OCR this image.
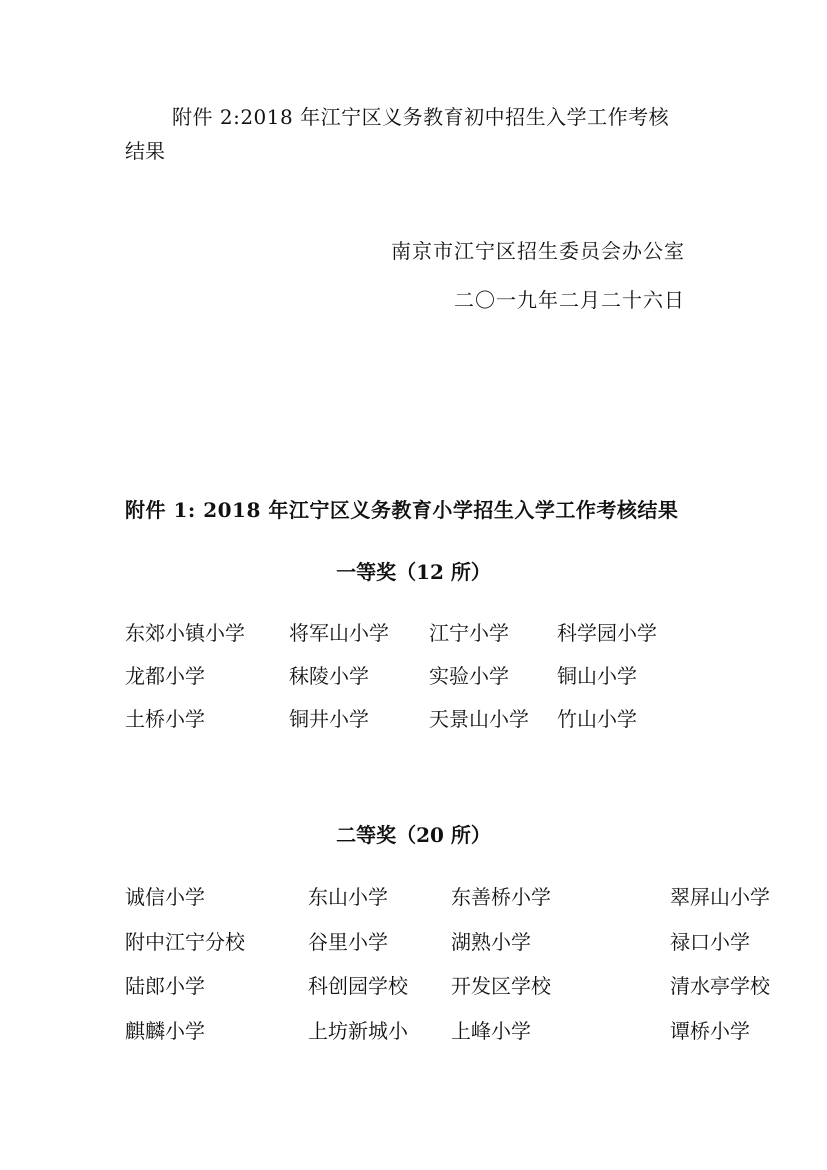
附件 2:2018 年江宁区义务教育初中招生入学工作考核
结果
南京市江宁区招生委员会办公室
二〇一九年二月二十六日
附件 1: 2018 年江宁区义务教育小学招生入学工作考核结果
一等奖（12 所）
东郊小镇小学	将军山小学	江宁小学	科学园小学
龙都小学	秣陵小学	实验小学	铜山小学
土桥小学	铜井小学	天景山小学	竹山小学
二等奖（20 所）
诚信小学	东山小学	东善桥小学	翠屏山小学
附中江宁分校	谷里小学	湖熟小学	禄口小学
陆郎小学	科创园学校	开发区学校	清水亭学校
麒麟小学	上坊新城小	上峰小学	谭桥小学
